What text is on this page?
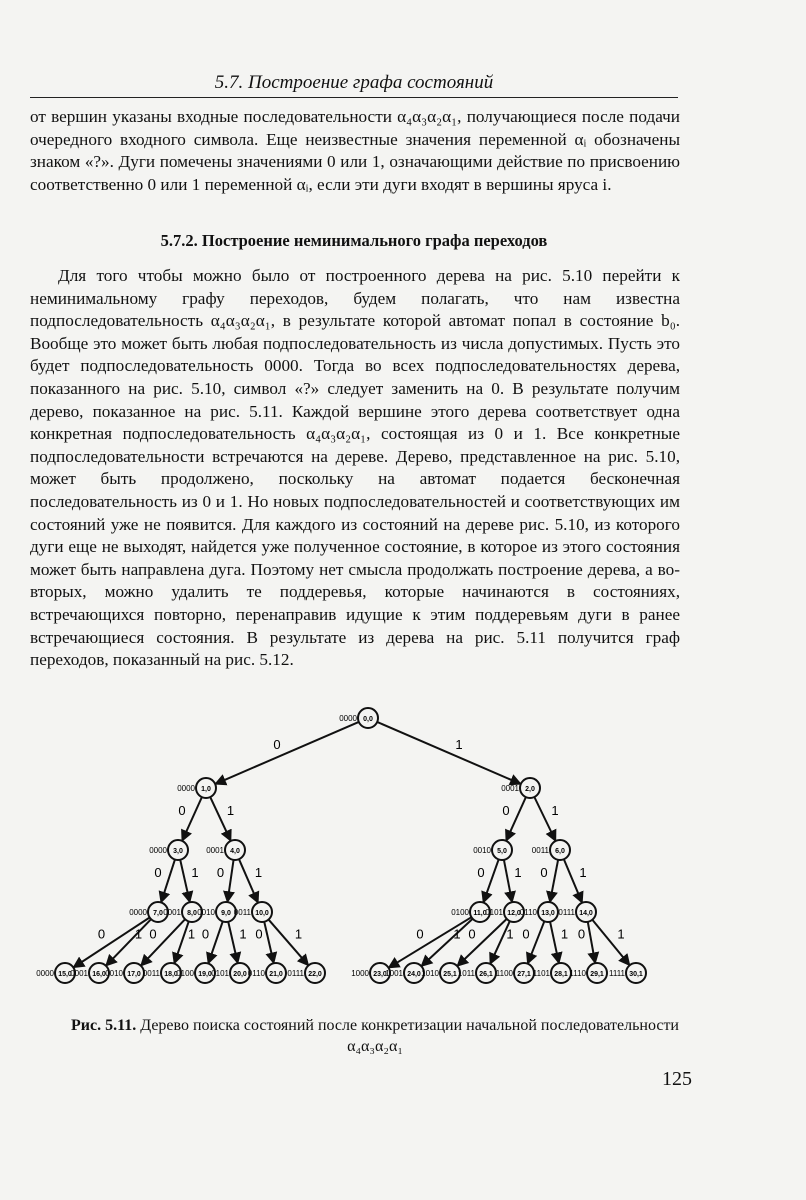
5.7. Построение графа состояний

от вершин указаны входные последовательности α₄α₃α₂α₁, получающиеся после подачи очередного входного символа. Еще неизвестные значения переменной αᵢ обозначены знаком «?». Дуги помечены значениями 0 или 1, означающими действие по присвоению соответственно 0 или 1 переменной αᵢ, если эти дуги входят в вершины яруса i.

5.7.2. Построение неминимального графа переходов

Для того чтобы можно было от построенного дерева на рис. 5.10 перейти к неминимальному графу переходов, будем полагать, что нам известна подпоследовательность α₄α₃α₂α₁, в результате которой автомат попал в состояние b₀. Вообще это может быть любая подпоследовательность из числа допустимых. Пусть это будет подпоследовательность 0000. Тогда во всех подпоследовательностях дерева, показанного на рис. 5.10, символ «?» следует заменить на 0. В результате получим дерево, показанное на рис. 5.11. Каждой вершине этого дерева соответствует одна конкретная подпоследовательность α₄α₃α₂α₁, состоящая из 0 и 1. Все конкретные подпоследовательности встречаются на дереве. Дерево, представленное на рис. 5.10, может быть продолжено, поскольку на автомат подается бесконечная последовательность из 0 и 1. Но новых подпоследовательностей и соответствующих им состояний уже не появится. Для каждого из состояний на дереве рис. 5.10, из которого дуги еще не выходят, найдется уже полученное состояние, в которое из этого состояния может быть направлена дуга. Поэтому нет смысла продолжать построение дерева, а во-вторых, можно удалить те поддеревья, которые начинаются в состояниях, встречающихся повторно, перенаправив идущие к этим поддеревьям дуги в ранее встречающиеся состояния. В результате из дерева на рис. 5.11 получится граф переходов, показанный на рис. 5.12.

0	1
0	1	0	1
0 1 0 1	0 1 0 1
0 1 0 1 0 1 0 1	0 1 0 1 0 1 0 1
0,0
0000
1,0
0000	2,0
0001
3,0
0000	4,0
0001	5,0
0010	6,0
0011
7,0
0000	8,0
0001	9,0
0010	10,0
0011	11,0
0100	12,0
0101	13,0
0110	14,0
0111
15,0
0000	16,0
0001	17,0
0010	18,0
0011	19,0
0100	20,0
0101	21,0
0110	22,0
0111	23,0
1000	24,0
1001	25,1
1010	26,1
1011	27,1
1100	28,1
1101	29,1
1110	30,1
1111
Рис. 5.11. Дерево поиска состояний после конкретизации начальной последовательности α₄α₃α₂α₁
125
